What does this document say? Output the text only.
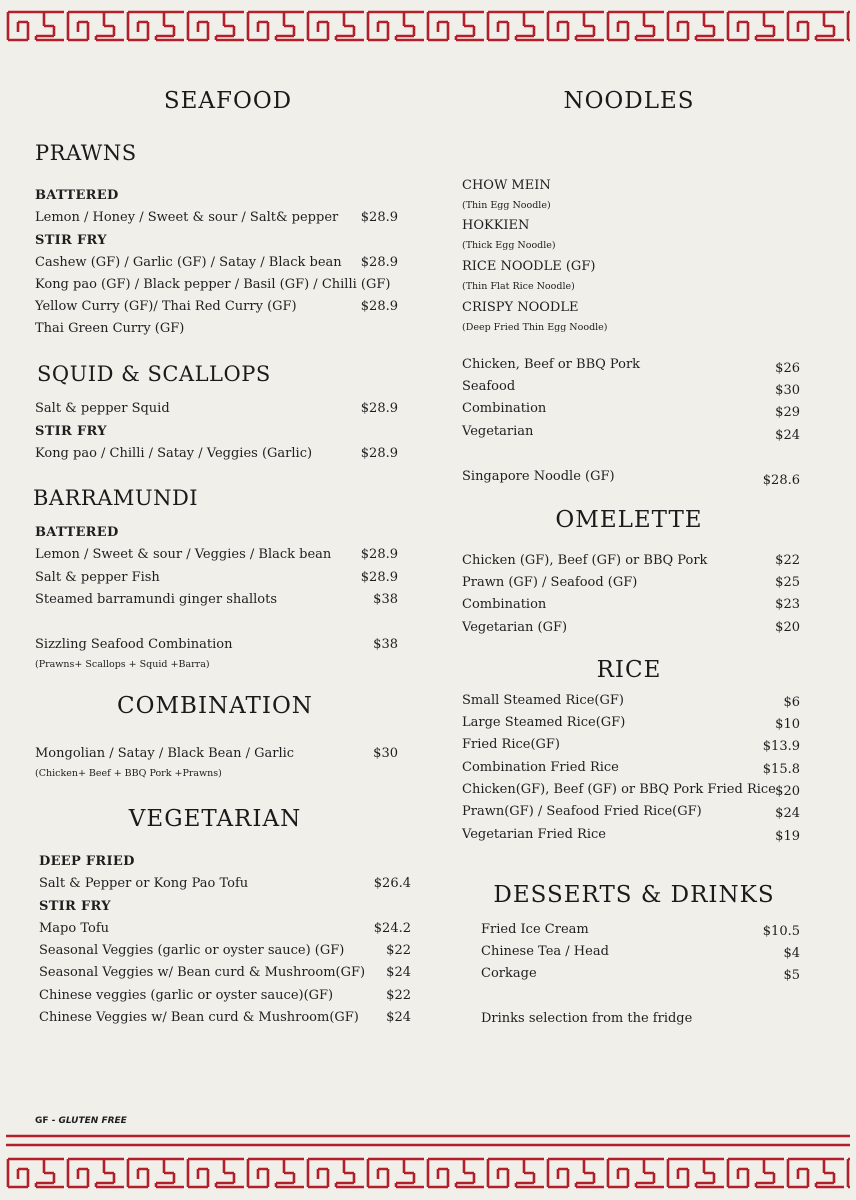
SEAFOOD
PRAWNS
BATTERED
Lemon / Honey / Sweet & sour / Salt& pepper $28.9
STIR FRY
Cashew (GF) / Garlic (GF) / Satay / Black bean $28.9
Kong pao (GF) / Black pepper / Basil (GF) / Chilli (GF)
Yellow Curry (GF)/ Thai Red Curry (GF)	$28.9
Thai Green Curry (GF)
SQUID & SCALLOPS
Salt & pepper Squid	$28.9
STIR FRY
Kong pao / Chilli / Satay / Veggies (Garlic)	$28.9
BARRAMUNDI
BATTERED
Lemon / Sweet & sour / Veggies / Black bean $28.9
Salt & pepper Fish	$28.9
Steamed barramundi ginger shallots	$38
Sizzling Seafood Combination	$38
(Prawns+ Scallops + Squid +Barra)
COMBINATION
Mongolian / Satay / Black Bean / Garlic	$30
(Chicken+ Beef + BBQ Pork +Prawns)
VEGETARIAN
DEEP FRIED
Salt & Pepper or Kong Pao Tofu	$26.4
STIR FRY
Mapo Tofu	$24.2
Seasonal Veggies (garlic or oyster sauce) (GF)	$22
Seasonal Veggies w/ Bean curd & Mushroom(GF) $24
Chinese veggies (garlic or oyster sauce)(GF)	$22
Chinese Veggies w/ Bean curd & Mushroom(GF) $24
NOODLES
CHOW MEIN
(Thin Egg Noodle)
HOKKIEN
(Thick Egg Noodle)
RICE NOODLE (GF)
(Thin Flat Rice Noodle)
CRISPY NOODLE
(Deep Fried Thin Egg Noodle)
Chicken, Beef or BBQ Pork	$26
Seafood	$30
Combination	$29
Vegetarian	$24
Singapore Noodle (GF)	$28.6
OMELETTE
Chicken (GF), Beef (GF) or BBQ Pork	$22
Prawn (GF) / Seafood (GF)	$25
Combination	$23
Vegetarian (GF)	$20
RICE
Small Steamed Rice(GF)	$6
Large Steamed Rice(GF)	$10
Fried Rice(GF)	$13.9
Combination Fried Rice	$15.8
Chicken(GF), Beef (GF) or BBQ Pork Fried Rice $20
Prawn(GF) / Seafood Fried Rice(GF)	$24
Vegetarian Fried Rice	$19
DESSERTS & DRINKS
Fried Ice Cream	$10.5
Chinese Tea / Head	$4
Corkage	$5
Drinks selection from the fridge
GF - GLUTEN FREE
